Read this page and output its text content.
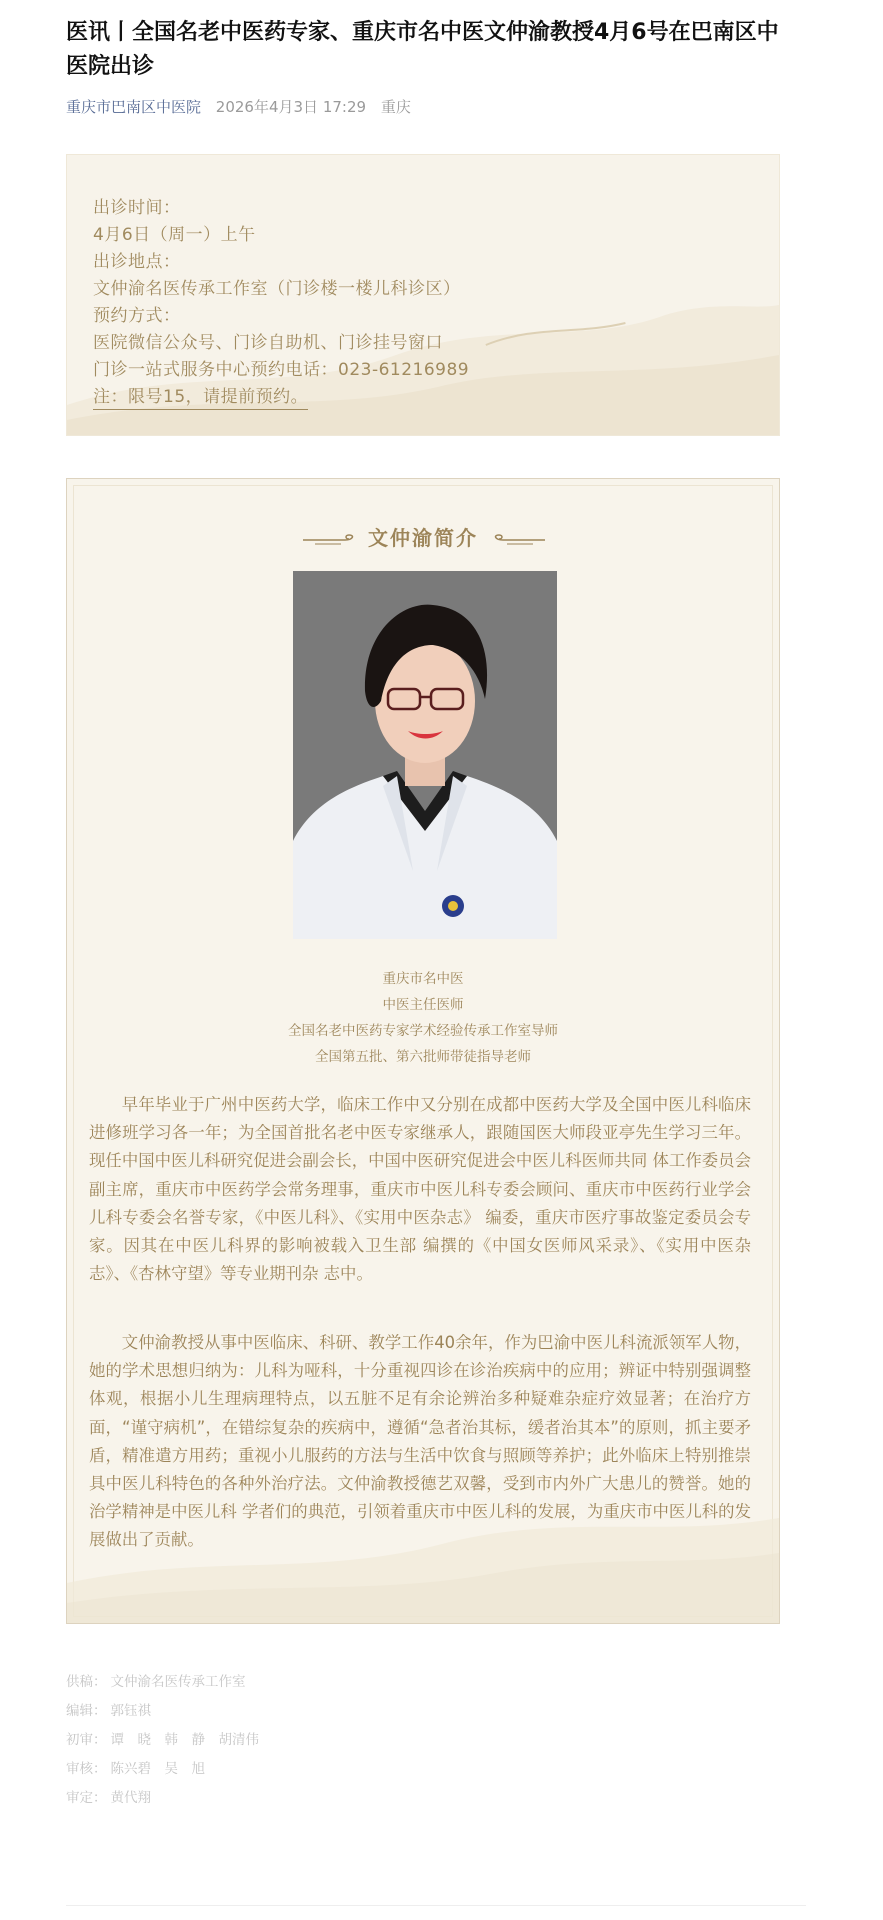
医讯丨全国名老中医药专家、重庆市名中医文仲渝教授4月6号在巴南区中医院出诊
重庆市巴南区中医院 2026年4月3日 17:29 重庆
出诊时间：
4月6日（周一）上午
出诊地点：
文仲渝名医传承工作室（门诊楼一楼儿科诊区）
预约方式：
医院微信公众号、门诊自助机、门诊挂号窗口
门诊一站式服务中心预约电话：023-61216989
注：限号15，请提前预约。
文仲渝简介
重庆市名中医
中医主任医师
全国名老中医药专家学术经验传承工作室导师
全国第五批、第六批师带徒指导老师

早年毕业于广州中医药大学，临床工作中又分别在成都中医药大学及全国中医儿科临床进修班学习各一年；为全国首批名老中医专家继承人，跟随国医大师段亚亭先生学习三年。现任中国中医儿科研究促进会副会长，中国中医研究促进会中医儿科医师共同 体工作委员会副主席，重庆市中医药学会常务理事，重庆市中医儿科专委会顾问、重庆市中医药行业学会儿科专委会名誉专家，《中医儿科》、《实用中医杂志》 编委，重庆市医疗事故鉴定委员会专家。因其在中医儿科界的影响被载入卫生部 编撰的《中国女医师风采录》、《实用中医杂志》、《杏林守望》等专业期刊杂 志中。

文仲渝教授从事中医临床、科研、教学工作40余年，作为巴渝中医儿科流派领军人物，她的学术思想归纳为：儿科为哑科，十分重视四诊在诊治疾病中的应用；辨证中特别强调整体观，根据小儿生理病理特点，以五脏不足有余论辨治多种疑难杂症疗效显著；在治疗方面，“谨守病机”，在错综复杂的疾病中，遵循“急者治其标，缓者治其本”的原则，抓主要矛盾，精准遣方用药；重视小儿服药的方法与生活中饮食与照顾等养护；此外临床上特别推崇具中医儿科特色的各种外治疗法。文仲渝教授德艺双馨，受到市内外广大患儿的赞誉。她的治学精神是中医儿科 学者们的典范，引领着重庆市中医儿科的发展，为重庆市中医儿科的发展做出了贡献。

供稿： 文仲渝名医传承工作室
编辑： 郭钰祺
初审： 谭　晓　韩　静　胡清伟
审核： 陈兴碧　吴　旭
审定： 黄代翔
